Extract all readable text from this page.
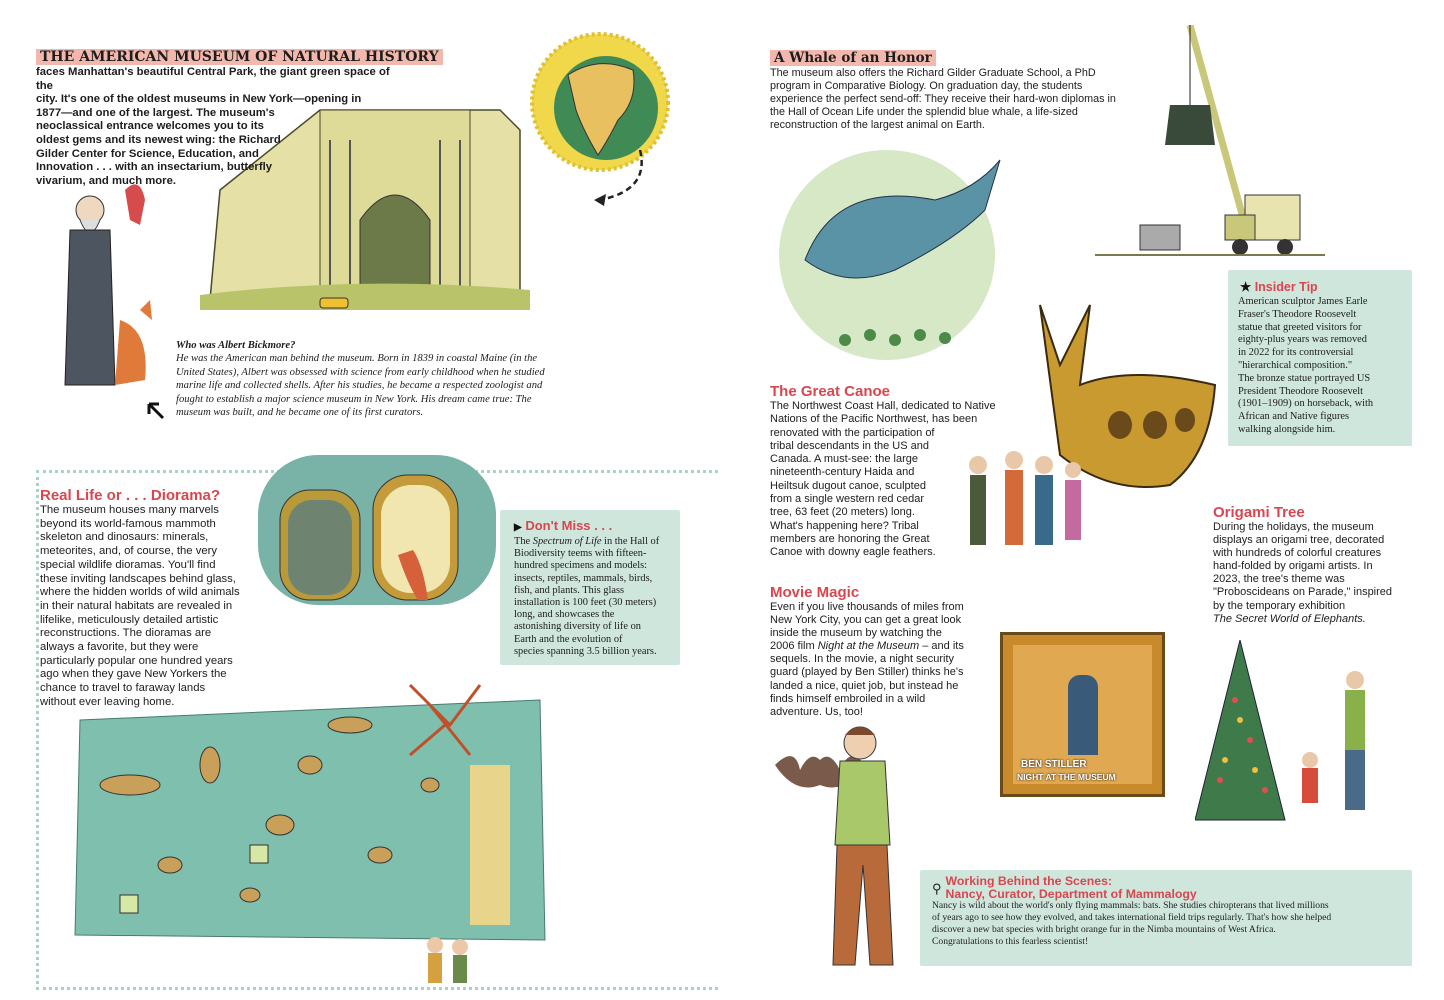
THE AMERICAN MUSEUM OF NATURAL HISTORY

faces Manhattan's beautiful Central Park, the giant green space of the
city. It's one of the oldest museums in New York—opening in
1877—and one of the largest. The museum's
neoclassical entrance welcomes you to its
oldest gems and its newest wing: the Richard
Gilder Center for Science, Education, and
Innovation . . . with an insectarium, butterfly
vivarium, and much more.

Who was Albert Bickmore?

He was the American man behind the museum. Born in 1839 in coastal Maine (in the
United States), Albert was obsessed with science from early childhood when he studied
marine life and collected shells. After his studies, he became a respected zoologist and
fought to establish a major science museum in New York. His dream came true: The
museum was built, and he became one of its first curators.

Real Life or . . . Diorama?

The museum houses many marvels
beyond its world-famous mammoth
skeleton and dinosaurs: minerals,
meteorites, and, of course, the very
special wildlife dioramas. You'll find
these inviting landscapes behind glass,
where the hidden worlds of wild animals
in their natural habitats are revealed in
lifelike, meticulously detailed artistic
reconstructions. The dioramas are
always a favorite, but they were
particularly popular one hundred years
ago when they gave New Yorkers the
chance to travel to faraway lands
without ever leaving home.

▶ Don't Miss . . .

The Spectrum of Life in the Hall of
Biodiversity teems with fifteen-
hundred specimens and models:
insects, reptiles, mammals, birds,
fish, and plants. This glass
installation is 100 feet (30 meters)
long, and showcases the
astonishing diversity of life on
Earth and the evolution of
species spanning 3.5 billion years.

A Whale of an Honor

The museum also offers the Richard Gilder Graduate School, a PhD
program in Comparative Biology. On graduation day, the students
experience the perfect send-off: They receive their hard-won diplomas in
the Hall of Ocean Life under the splendid blue whale, a life-sized
reconstruction of the largest animal on Earth.

★ Insider Tip

American sculptor James Earle
Fraser's Theodore Roosevelt
statue that greeted visitors for
eighty-plus years was removed
in 2022 for its controversial
"hierarchical composition."
The bronze statue portrayed US
President Theodore Roosevelt
(1901–1909) on horseback, with
African and Native figures
walking alongside him.

The Great Canoe

The Northwest Coast Hall, dedicated to Native
Nations of the Pacific Northwest, has been
renovated with the participation of
tribal descendants in the US and
Canada. A must-see: the large
nineteenth-century Haida and
Heiltsuk dugout canoe, sculpted
from a single western red cedar
tree, 63 feet (20 meters) long.
What's happening here? Tribal
members are honoring the Great
Canoe with downy eagle feathers.

Origami Tree

During the holidays, the museum
displays an origami tree, decorated
with hundreds of colorful creatures
hand-folded by origami artists. In
2023, the tree's theme was
"Proboscideans on Parade," inspired
by the temporary exhibition

The Secret World of Elephants.
Movie Magic

Even if you live thousands of miles from
New York City, you can get a great look
inside the museum by watching the
2006 film Night at the Museum – and its
sequels. In the movie, a night security
guard (played by Ben Stiller) thinks he's
landed a nice, quiet job, but instead he
finds himself embroiled in a wild
adventure. Us, too!

BEN STILLER
NIGHT AT THE MUSEUM
⚲ Working Behind the Scenes:
Nancy, Curator, Department of Mammalogy

Nancy is wild about the world's only flying mammals: bats. She studies chiropterans that lived millions
of years ago to see how they evolved, and takes international field trips regularly. That's how she helped
discover a new bat species with bright orange fur in the Nimba mountains of West Africa.
Congratulations to this fearless scientist!
